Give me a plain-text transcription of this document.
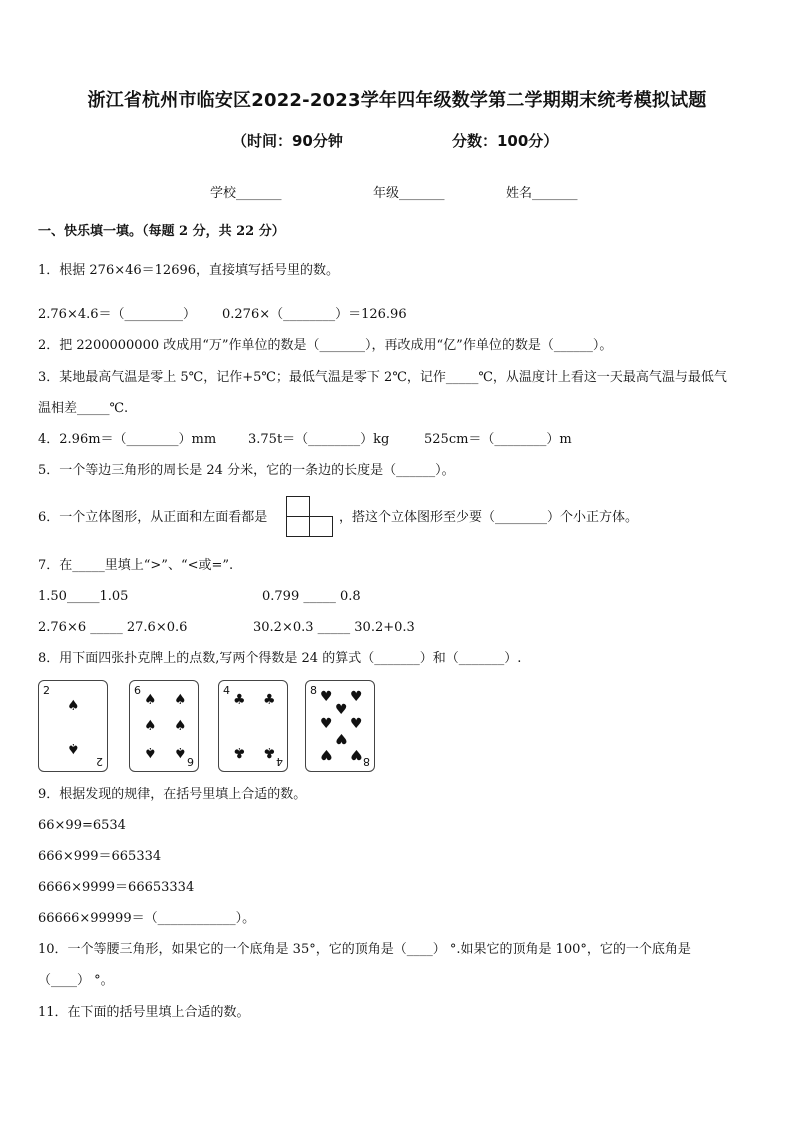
浙江省杭州市临安区2022-2023学年四年级数学第二学期期末统考模拟试题
（时间：90分钟	分数：100分）
学校_______	年级_______	姓名_______
一、快乐填一填。（每题 2 分，共 22 分）
1．根据 276×46＝12696，直接填写括号里的数。
2.76×4.6＝（_________） 0.276×（________）＝126.96
2．把 2200000000 改成用“万”作单位的数是（_______），再改成用“亿”作单位的数是（______）。
3．某地最高气温是零上 5℃，记作+5℃；最低气温是零下 2℃，记作_____℃，从温度计上看这一天最高气温与最低气
温相差_____℃.
4．2.96m＝（________）mm 3.75t＝（________）kg	525cm＝（________）m
5．一个等边三角形的周长是 24 分米，它的一条边的长度是（______）。
6．一个立体图形，从正面和左面看都是	，搭这个立体图形至少要（________）个小正方体。
7．在_____里填上“>”、“<或=”.
1.50_____1.05	0.799 _____ 0.8
2.76×6 _____ 27.6×0.6	30.2×0.3 _____ 30.2+0.3
8．用下面四张扑克牌上的点数,写两个得数是 24 的算式（_______）和（_______）.
2
♠
♠
2
6
♠ ♠
♠ ♠
♠ ♠
6
4
♣ ♣
♣ ♣
4
8 ♥ ♥
♥
♥ ♥
♥
♥ ♥ 8
9．根据发现的规律，在括号里填上合适的数。
66×99=6534
666×999＝665334
6666×9999＝66653334
66666×99999＝（____________）。
10．一个等腰三角形，如果它的一个底角是 35°，它的顶角是（____） °.如果它的顶角是 100°，它的一个底角是
（____） °。
11．在下面的括号里填上合适的数。
